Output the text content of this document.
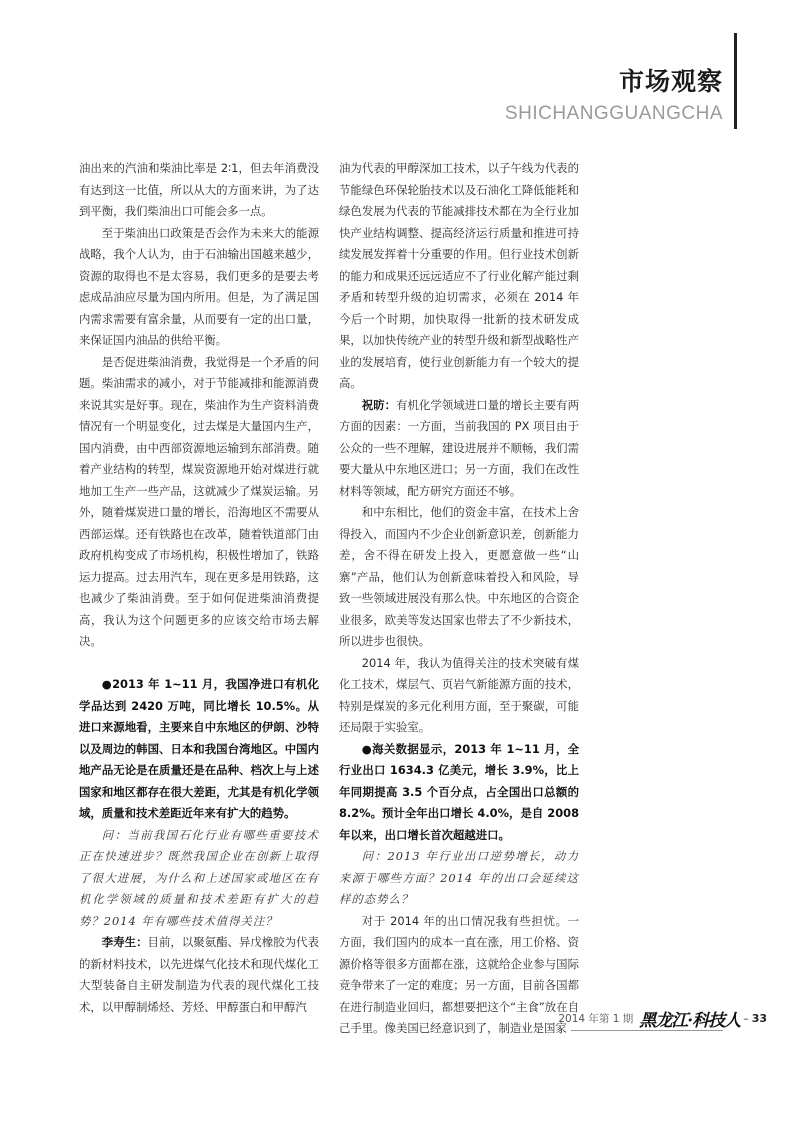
市场观察
SHICHANGGUANGCHA

油出来的汽油和柴油比率是 2∶1，但去年消费没有达到这一比值，所以从大的方面来讲，为了达到平衡，我们柴油出口可能会多一点。

至于柴油出口政策是否会作为未来大的能源战略，我个人认为，由于石油输出国越来越少，资源的取得也不是太容易，我们更多的是要去考虑成品油应尽量为国内所用。但是，为了满足国内需求需要有富余量，从而要有一定的出口量，来保证国内油品的供给平衡。

是否促进柴油消费，我觉得是一个矛盾的问题。柴油需求的减小，对于节能减排和能源消费来说其实是好事。现在，柴油作为生产资料消费情况有一个明显变化，过去煤是大量国内生产，国内消费，由中西部资源地运输到东部消费。随着产业结构的转型，煤炭资源地开始对煤进行就地加工生产一些产品，这就减少了煤炭运输。另外，随着煤炭进口量的增长，沿海地区不需要从西部运煤。还有铁路也在改革，随着铁道部门由政府机构变成了市场机构，积极性增加了，铁路运力提高。过去用汽车，现在更多是用铁路，这也减少了柴油消费。至于如何促进柴油消费提高，我认为这个问题更多的应该交给市场去解决。

●2013 年 1~11 月，我国净进口有机化学品达到 2420 万吨，同比增长 10.5%。从进口来源地看，主要来自中东地区的伊朗、沙特以及周边的韩国、日本和我国台湾地区。中国内地产品无论是在质量还是在品种、档次上与上述国家和地区都存在很大差距，尤其是有机化学领域，质量和技术差距近年来有扩大的趋势。

问：当前我国石化行业有哪些重要技术正在快速进步？既然我国企业在创新上取得了很大进展，为什么和上述国家或地区在有机化学领域的质量和技术差距有扩大的趋势？2014 年有哪些技术值得关注？

李寿生：目前，以聚氨酯、异戊橡胶为代表的新材料技术，以先进煤气化技术和现代煤化工大型装备自主研发制造为代表的现代煤化工技术，以甲醇制烯烃、芳烃、甲醇蛋白和甲醇汽

油为代表的甲醇深加工技术，以子午线为代表的节能绿色环保轮胎技术以及石油化工降低能耗和绿色发展为代表的节能减排技术都在为全行业加快产业结构调整、提高经济运行质量和推进可持续发展发挥着十分重要的作用。但行业技术创新的能力和成果还远远适应不了行业化解产能过剩矛盾和转型升级的迫切需求，必须在 2014 年今后一个时期，加快取得一批新的技术研发成果，以加快传统产业的转型升级和新型战略性产业的发展培育，使行业创新能力有一个较大的提高。

祝昉：有机化学领域进口量的增长主要有两方面的因素：一方面，当前我国的 PX 项目由于公众的一些不理解，建设进展并不顺畅，我们需要大量从中东地区进口；另一方面，我们在改性材料等领域，配方研究方面还不够。

和中东相比，他们的资金丰富，在技术上舍得投入，而国内不少企业创新意识差，创新能力差，舍不得在研发上投入，更愿意做一些“山寨”产品，他们认为创新意味着投入和风险，导致一些领域进展没有那么快。中东地区的合资企业很多，欧美等发达国家也带去了不少新技术，所以进步也很快。

2014 年，我认为值得关注的技术突破有煤化工技术，煤层气、页岩气新能源方面的技术，特别是煤炭的多元化利用方面，至于聚碳，可能还局限于实验室。

●海关数据显示，2013 年 1~11 月，全行业出口 1634.3 亿美元，增长 3.9%，比上年同期提高 3.5 个百分点，占全国出口总额的 8.2%。预计全年出口增长 4.0%，是自 2008 年以来，出口增长首次超越进口。

问：2013 年行业出口逆势增长，动力来源于哪些方面？2014 年的出口会延续这样的态势么？

对于 2014 年的出口情况我有些担忧。一方面，我们国内的成本一直在涨，用工价格、资源价格等很多方面都在涨，这就给企业参与国际竞争带来了一定的难度；另一方面，目前各国都在进行制造业回归，都想要把这个“主食”放在自己手里。像美国已经意识到了，制造业是国家

2014 年第 1 期 黑龙江·科技人 – 33
